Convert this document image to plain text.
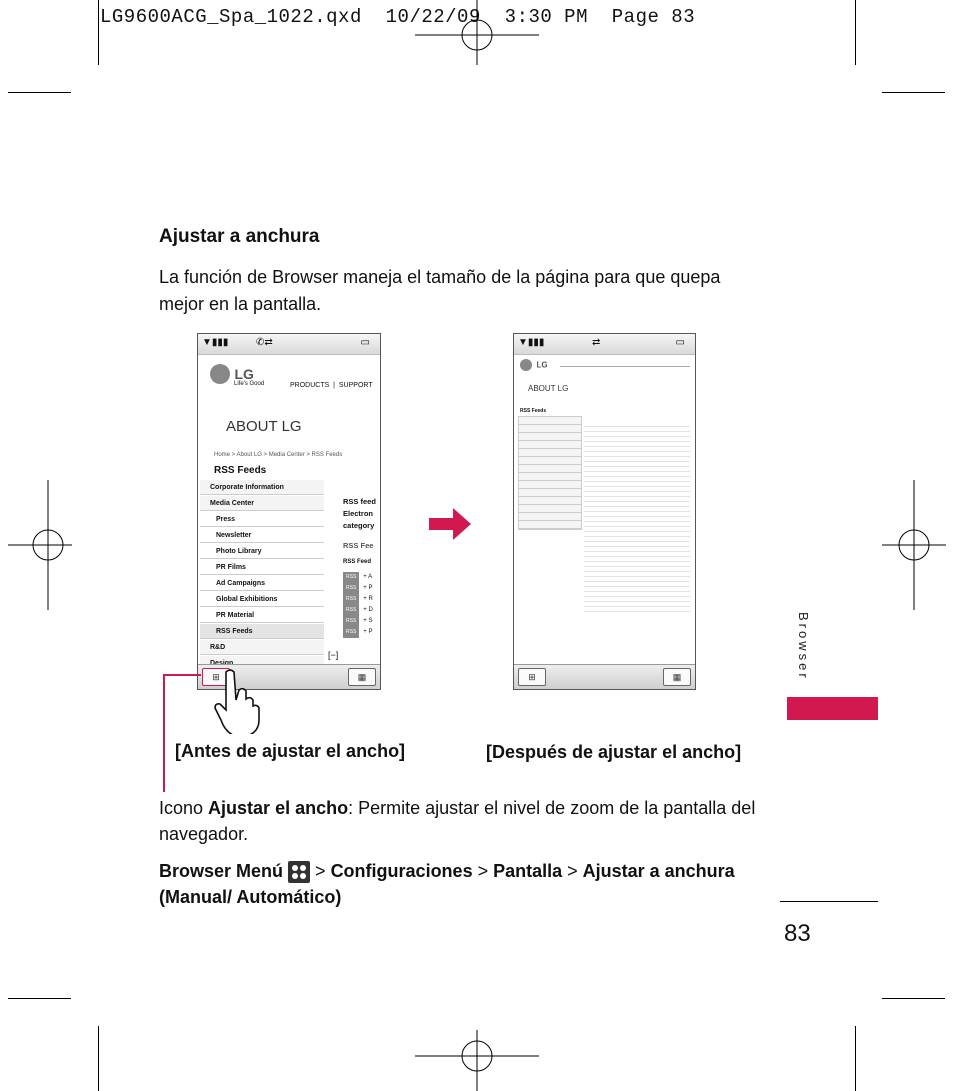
LG9600ACG_Spa_1022.qxd  10/22/09  3:30 PM  Page 83
Ajustar a anchura
La función de Browser maneja el tamaño de la página para que quepa mejor en la pantalla.
▼▮▮▮	✆⇄	▭
LG
Life's Good	PRODUCTS  |  SUPPORT
ABOUT LG
Home > About LG > Media Center > RSS Feeds
RSS Feeds
Corporate Information
Media Center
Press
Newsletter
Photo Library
PR Films
Ad Campaigns
Global Exhibitions
PR Material
RSS Feeds
R&D
RSS feed
Electron
category
RSS Fee
RSS Feed
RSS + A
RSS + P
RSS + R
RSS + D
RSS + S
RSS + P
[−]
⊞	▦
▼▮▮▮	⇄	▭
LG
ABOUT LG
RSS Feeds
⊞	▦
[Antes de ajustar el ancho]	[Después de ajustar el ancho]
Icono Ajustar el ancho: Permite ajustar el nivel de zoom de la pantalla del navegador.
Browser Menú
> Configuraciones > Pantalla > Ajustar a anchura
(Manual/ Automático)
Browser
83
